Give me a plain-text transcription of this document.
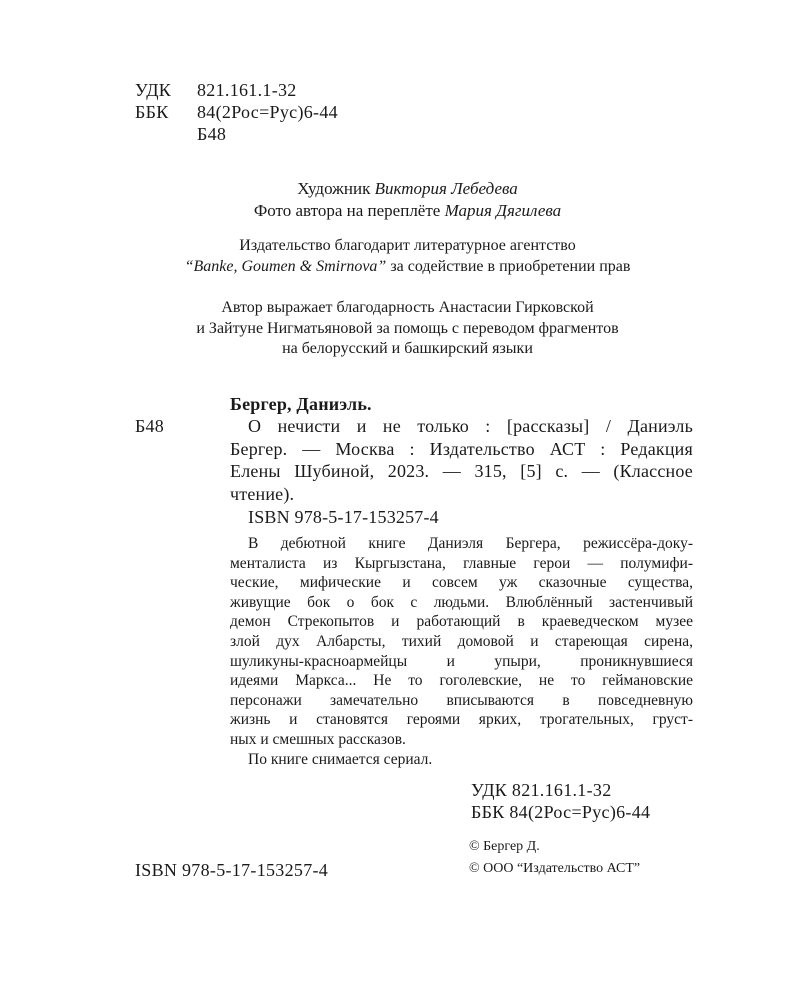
УДК 821.161.1-32
ББК 84(2Рос=Рус)6-44
Б48
Художник Виктория Лебедева
Фото автора на переплёте Мария Дягилева
Издательство благодарит литературное агентство
“Banke, Goumen & Smirnova” за содействие в приобретении прав
Автор выражает благодарность Анастасии Гирковской
и Зайтуне Нигматьяновой за помощь с переводом фрагментов
на белорусский и башкирский языки
Бергер, Даниэль.
Б48	О нечисти и не только : [рассказы] / Даниэль
Бергер. — Москва : Издательство АСТ : Редакция
Елены Шубиной, 2023. — 315, [5] с. — (Классное
чтение).
ISBN 978-5-17-153257-4
В дебютной книге Даниэля Бергера, режиссёра-доку-
менталиста из Кыргызстана, главные герои — полумифи-
ческие, мифические и совсем уж сказочные существа,
живущие бок о бок с людьми. Влюблённый застенчивый
демон Стрекопытов и работающий в краеведческом музее
злой дух Албарсты, тихий домовой и стареющая сирена,
шуликуны-красноармейцы и упыри, проникнувшиеся
идеями Маркса... Не то гоголевские, не то геймановские
персонажи замечательно вписываются в повседневную
жизнь и становятся героями ярких, трогательных, груст-
ных и смешных рассказов.
По книге снимается сериал.
УДК 821.161.1-32
ББК 84(2Рос=Рус)6-44
© Бергер Д.
ISBN 978-5-17-153257-4	© ООО “Издательство АСТ”
